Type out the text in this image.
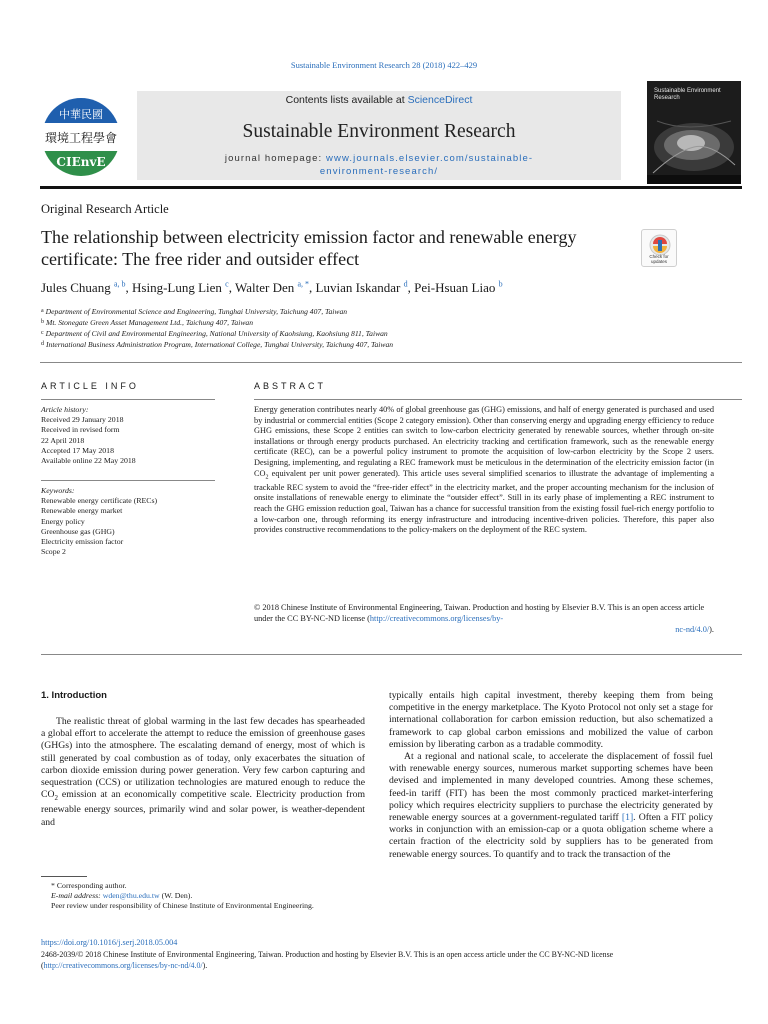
Sustainable Environment Research 28 (2018) 422–429
中華民國
環境工程學會
CIEnvE
Contents lists available at ScienceDirect
Sustainable Environment Research
journal homepage: www.journals.elsevier.com/sustainable-
environment-research/
Sustainable Environment Research
Original Research Article
The relationship between electricity emission factor and renewable energy certificate: The free rider and outsider effect	Check for updates
Jules Chuang $^{a, b}$, Hsing-Lung Lien $^c$, Walter Den $^{a, *}$, Luvian Iskandar $^d$, Pei-Hsuan Liao $^b$
$^a$ Department of Environmental Science and Engineering, Tunghai University, Taichung 407, Taiwan
$^b$ Mt. Stonegate Green Asset Management Ltd., Taichung 407, Taiwan
$^c$ Department of Civil and Environmental Engineering, National University of Kaohsiung, Kaohsiung 811, Taiwan
$^d$ International Business Administration Program, International College, Tunghai University, Taichung 407, Taiwan
ARTICLE INFO
Article history:
Received 29 January 2018
Received in revised form
22 April 2018
Accepted 17 May 2018
Available online 22 May 2018
Keywords:
Renewable energy certificate (RECs)
Renewable energy market
Energy policy
Greenhouse gas (GHG)
Electricity emission factor
Scope 2
ABSTRACT
Energy generation contributes nearly 40% of global greenhouse gas (GHG) emissions, and half of energy generated is purchased and used by industrial or commercial entities (Scope 2 category emission). Other than conserving energy and upgrading energy efficiency to reduce GHG emissions, these Scope 2 entities can switch to low-carbon electricity generated by renewable sources, whether through on-site installations or through energy products purchased. An electricity tracking and certification framework, such as the renewable energy certificate (REC), can be a powerful policy instrument to promote the acquisition of low-carbon electricity by the Scope 2 users. Designing, implementing, and regulating a REC framework must be meticulous in the determination of the electricity emission factor (in $CO_2$ equivalent per unit power generated). This article uses several simplified scenarios to illustrate the advantage of implementing a trackable REC system to avoid the “free-rider effect” in the electricity market, and the proper accounting mechanism for the inclusion of onsite installations of renewable energy to eliminate the “outsider effect”. Still in its early phase of implementing a REC instrument to reach the GHG emission reduction goal, Taiwan has a chance for successful transition from the existing fossil fuel-rich energy portfolio to a low-carbon one, through reforming its energy infrastructure and introducing incentive-driven policies. Therefore, this paper also provides constructive recommendations to the policy-makers on the deployment of the REC system.
© 2018 Chinese Institute of Environmental Engineering, Taiwan. Production and hosting by Elsevier B.V. This is an open access article under the CC BY-NC-ND license (http://creativecommons.org/licenses/by-
nc-nd/4.0/).
1. Introduction

The realistic threat of global warming in the last few decades has spearheaded a global effort to accelerate the attempt to reduce the emission of greenhouse gases (GHGs) into the atmosphere. The escalating demand of energy, most of which is still generated by coal combustion as of today, only exacerbates the situation of carbon dioxide emission during power generation. Very few carbon capturing and sequestration (CCS) or utilization technologies are matured enough to reduce the $CO_2$ emission at an economically competitive scale. Electricity production from renewable energy sources, primarily wind and solar power, is weather-dependent and

* Corresponding author.
E-mail address: wden@thu.edu.tw (W. Den).
Peer review under responsibility of Chinese Institute of Environmental Engineering.

typically entails high capital investment, thereby keeping them from being competitive in the energy marketplace. The Kyoto Protocol not only set a stage for international collaboration for carbon emission reduction, but also schematized a framework to cap global carbon emissions and mobilized the value of carbon emission by liberating carbon as a tradable commodity.

At a regional and national scale, to accelerate the displacement of fossil fuel with renewable energy sources, numerous market supporting schemes have been devised and implemented in many developed countries. Among these schemes, feed-in tariff (FIT) has been the most commonly practiced market-interfering policy which requires electricity suppliers to purchase the electricity generated by renewable energy sources at a government-regulated tariff [1]. Often a FIT policy works in conjunction with an emission-cap or a quota obligation scheme where a certain fraction of the electricity sold by suppliers has to be generated from renewable energy sources. To quantify and to track the transaction of the

https://doi.org/10.1016/j.serj.2018.05.004
2468-2039/© 2018 Chinese Institute of Environmental Engineering, Taiwan. Production and hosting by Elsevier B.V. This is an open access article under the CC BY-NC-ND license (http://creativecommons.org/licenses/by-nc-nd/4.0/).
